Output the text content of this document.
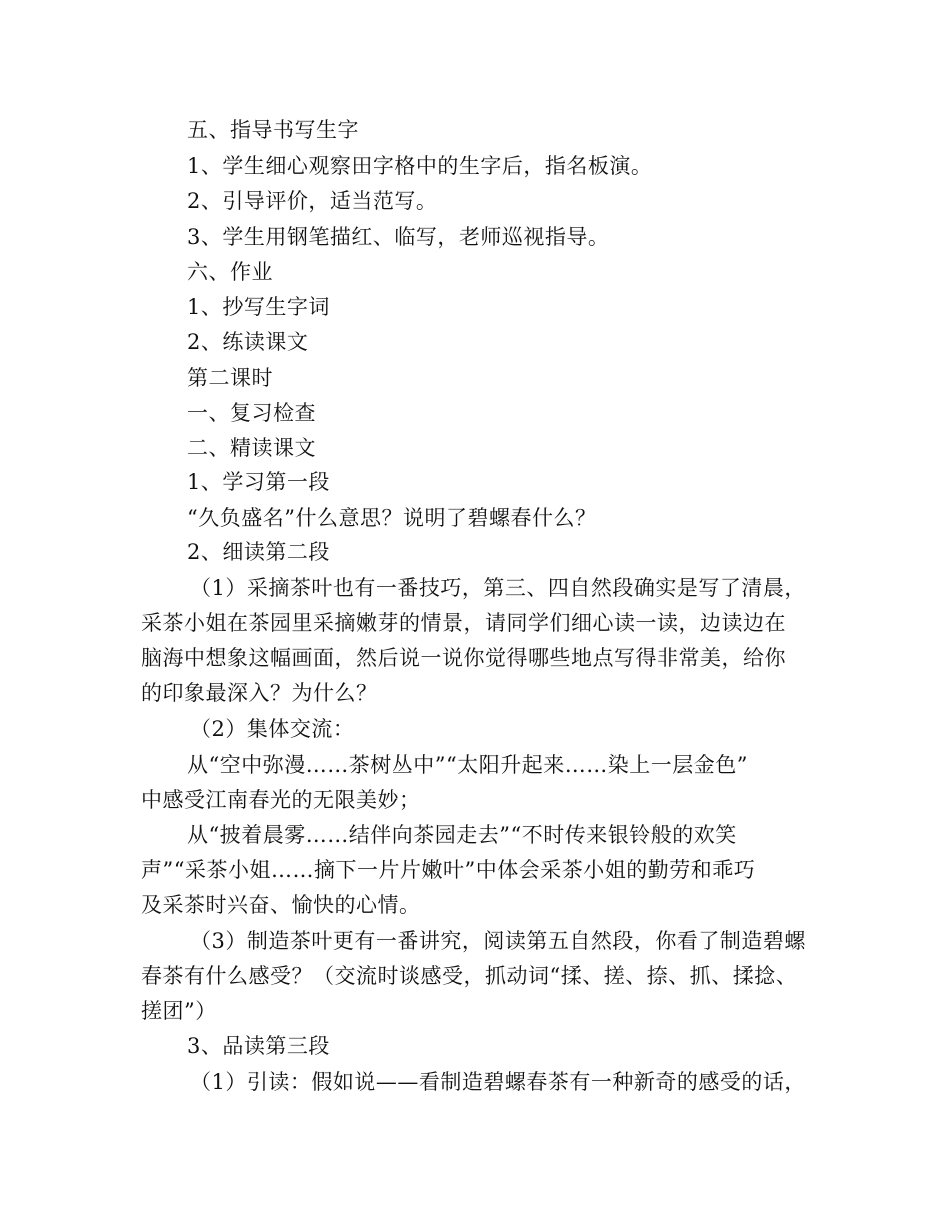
五、指导书写生字
1、学生细心观察田字格中的生字后，指名板演。
2、引导评价，适当范写。
3、学生用钢笔描红、临写，老师巡视指导。
六、作业
1、抄写生字词
2、练读课文
第二课时
一、复习检查
二、精读课文
1、学习第一段
“久负盛名”什么意思？说明了碧螺春什么？
2、细读第二段
（1）采摘茶叶也有一番技巧，第三、四自然段确实是写了清晨，
采茶小姐在茶园里采摘嫩芽的情景，请同学们细心读一读，边读边在
脑海中想象这幅画面，然后说一说你觉得哪些地点写得非常美，给你
的印象最深入？为什么？
（2）集体交流：
从“空中弥漫……茶树丛中”“太阳升起来……染上一层金色”
中感受江南春光的无限美妙；
从“披着晨雾……结伴向茶园走去”“不时传来银铃般的欢笑
声”“采茶小姐……摘下一片片嫩叶”中体会采茶小姐的勤劳和乖巧
及采茶时兴奋、愉快的心情。
（3）制造茶叶更有一番讲究，阅读第五自然段，你看了制造碧螺
春茶有什么感受？（交流时谈感受，抓动词“揉、搓、捺、抓、揉捻、
搓团”）
3、品读第三段
（1）引读：假如说——看制造碧螺春茶有一种新奇的感受的话，
